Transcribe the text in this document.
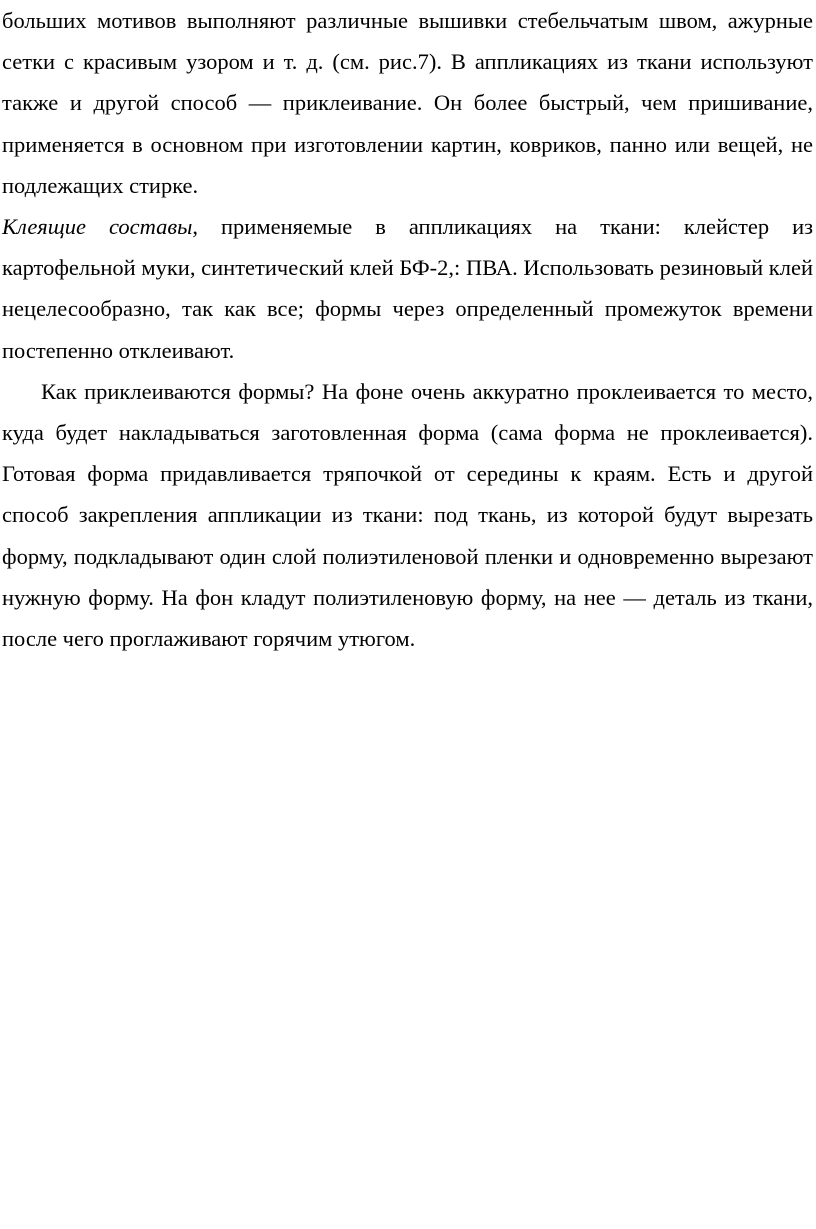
больших мотивов выполняют различные вышивки стебельчатым швом, ажурные сетки с красивым узором и т. д. (см. рис.7). В аппликациях из ткани используют также и другой способ — приклеивание. Он более быстрый, чем пришивание, применяется в основном при изготовлении картин, ковриков, панно или вещей, не подлежащих стирке.

Клеящие составы, применяемые в аппликациях на ткани: клейстер из картофельной муки, синтетический клей БФ-2,: ПВА. Использовать резиновый клей нецелесообразно, так как все; формы через определенный промежуток времени постепенно отклеивают.

Как приклеиваются формы? На фоне очень аккуратно проклеивается то место, куда будет накладываться заготовленная форма (сама форма не проклеивается). Готовая форма придавливается тряпочкой от середины к краям. Есть и другой способ закрепления аппликации из ткани: под ткань, из которой будут вырезать форму, подкладывают один слой полиэтиленовой пленки и одновременно вырезают нужную форму. На фон кладут полиэтиленовую форму, на нее — деталь из ткани, после чего проглаживают горячим утюгом.
